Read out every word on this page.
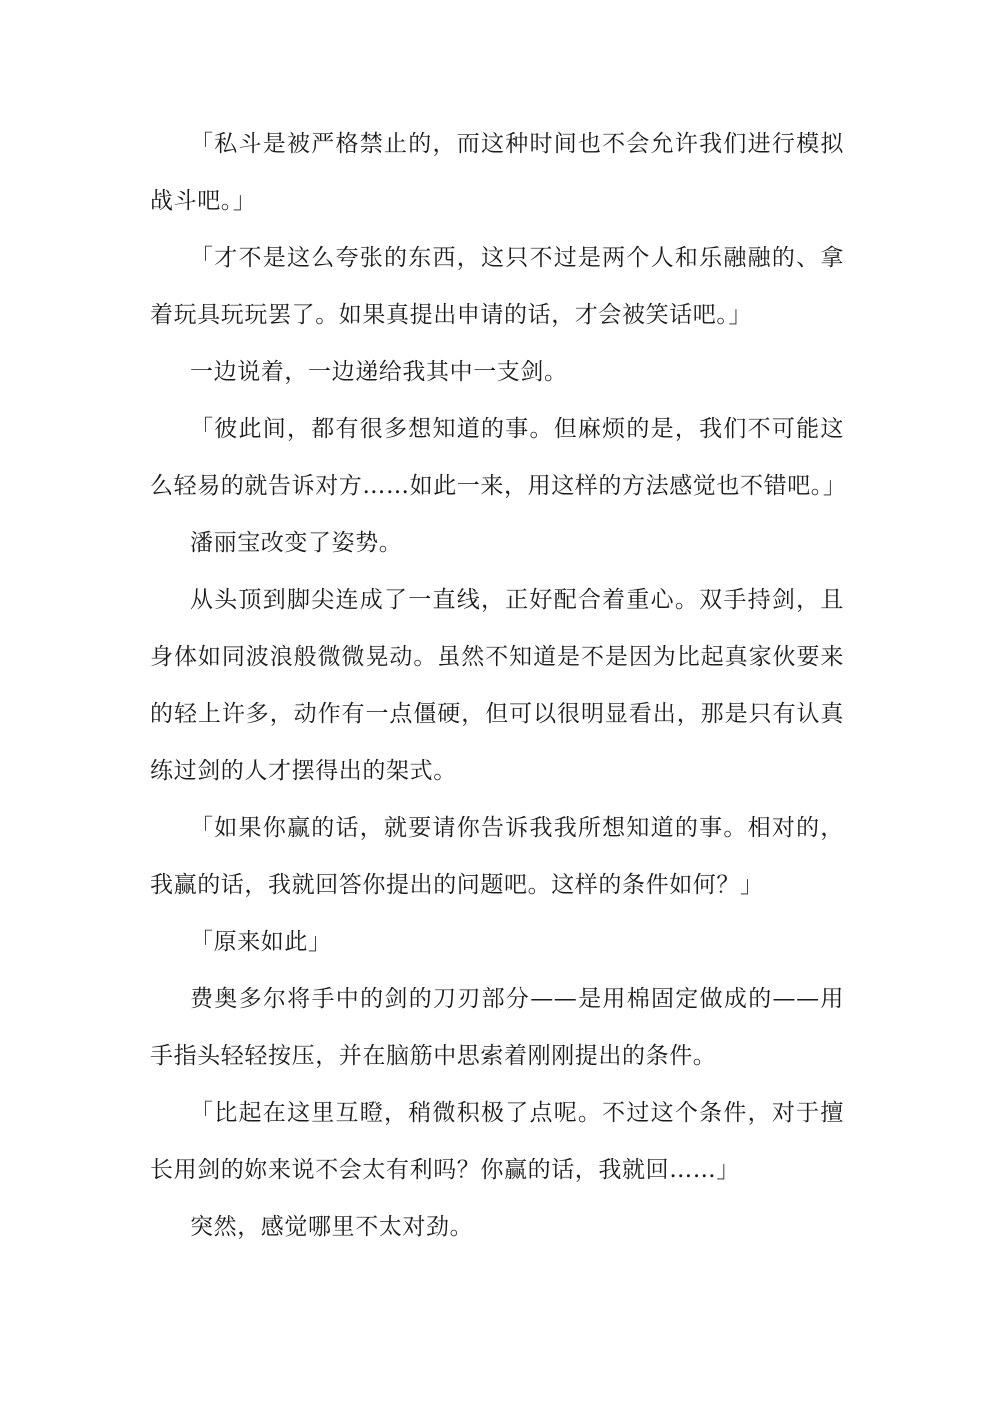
「私斗是被严格禁止的，而这种时间也不会允许我们进行模拟战斗吧。」

「才不是这么夸张的东西，这只不过是两个人和乐融融的、拿着玩具玩玩罢了。如果真提出申请的话，才会被笑话吧。」

一边说着，一边递给我其中一支剑。

「彼此间，都有很多想知道的事。但麻烦的是，我们不可能这么轻易的就告诉对方……如此一来，用这样的方法感觉也不错吧。」

潘丽宝改变了姿势。

从头顶到脚尖连成了一直线，正好配合着重心。双手持剑，且身体如同波浪般微微晃动。虽然不知道是不是因为比起真家伙要来的轻上许多，动作有一点僵硬，但可以很明显看出，那是只有认真练过剑的人才摆得出的架式。

「如果你赢的话，就要请你告诉我我所想知道的事。相对的，我赢的话，我就回答你提出的问题吧。这样的条件如何？」

「原来如此」

费奥多尔将手中的剑的刀刃部分——是用棉固定做成的——用手指头轻轻按压，并在脑筋中思索着刚刚提出的条件。

「比起在这里互瞪，稍微积极了点呢。不过这个条件，对于擅长用剑的妳来说不会太有利吗？你赢的话，我就回……」

突然，感觉哪里不太对劲。
